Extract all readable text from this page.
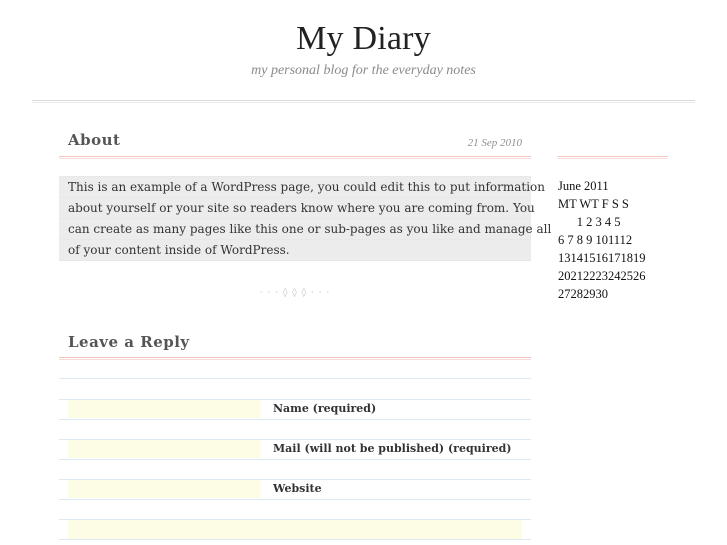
My Diary
my personal blog for the everyday notes
About	21 Sep 2010
This is an example of a WordPress page, you could edit this to put information
about yourself or your site so readers know where you are coming from. You
can create as many pages like this one or sub-pages as you like and manage all
of your content inside of WordPress.
· · · ◊ ◊ ◊ · · ·
Leave a Reply
Name (required)
Mail (will not be published) (required)
Website
June 2011
MT WT F S S
1 2 3 4 5
6 7 8 9 101112
13141516171819
20212223242526
27282930
